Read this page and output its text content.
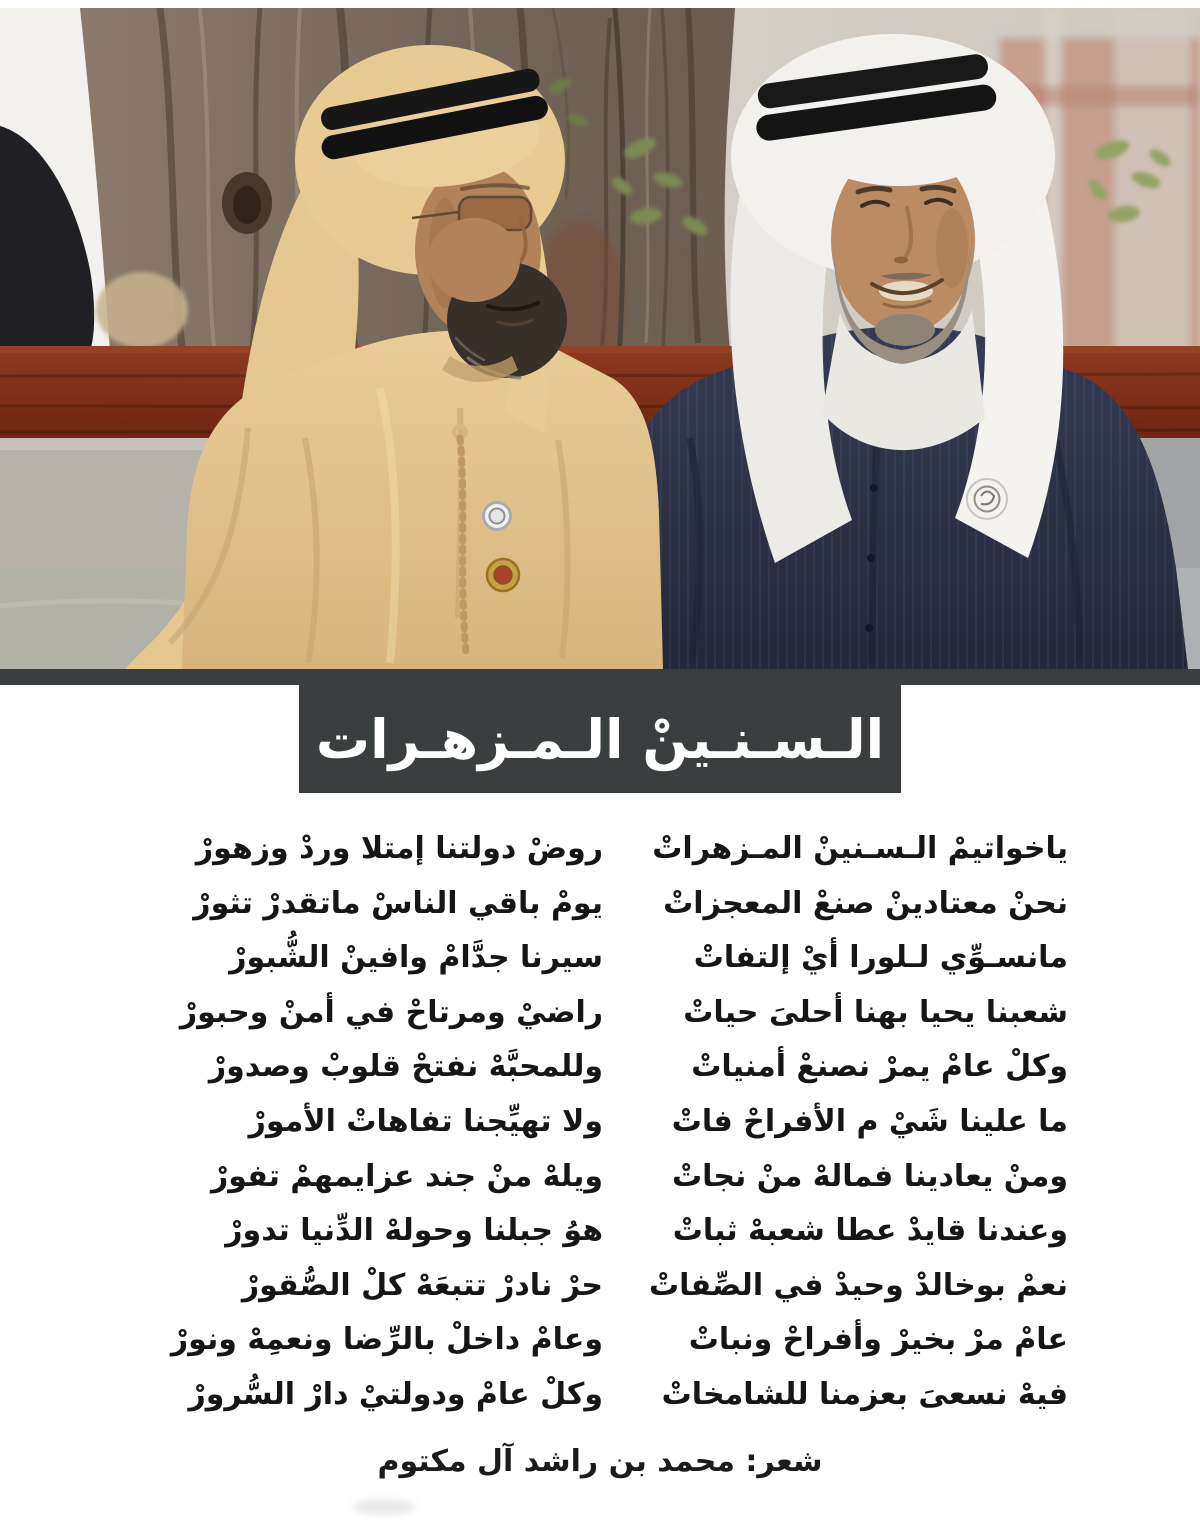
الـسـنـينْ الـمـزهـرات
ياخواتيمْ الـسـنينْ المـزهراتْ
نحنْ معتادينْ صنعْ المعجزاتْ
مانسـوِّي لـلورا أيْ إلتفاتْ
شعبنا يحيا بهنا أحلىَ حياتْ
وكلْ عامْ يمرْ نصنعْ أمنياتْ
ما علينا شَيْ م الأفراحْ فاتْ
ومنْ يعادينا فمالهْ منْ نجاتْ
وعندنا قايدْ عطا شعبهْ ثباتْ
نعمْ بوخالدْ وحيدْ في الصِّفاتْ
عامْ مرْ بخيرْ وأفراحْ ونباتْ
فيهْ نسعىَ بعزمنا للشامخاتْ
روضْ دولتنا إمتلا وردْ وزهورْ
يومْ باقي الناسْ ماتقدرْ تثورْ
سيرنا جدَّامْ وافينْ الشُّبورْ
راضيْ ومرتاحْ في أمنْ وحبورْ
وللمحبَّهْ نفتحْ قلوبْ وصدورْ
ولا تهيِّجنا تفاهاتْ الأمورْ
ويلهْ منْ جند عزايمهمْ تفورْ
هوُ جبلنا وحولهْ الدِّنيا تدورْ
حرْ نادرْ تتبعَهْ كلْ الصُّقورْ
وعامْ داخلْ بالرِّضا ونعمِهْ ونورْ
وكلْ عامْ ودولتيْ دارْ السُّرورْ
شعر: محمد بن راشد آل مكتوم
